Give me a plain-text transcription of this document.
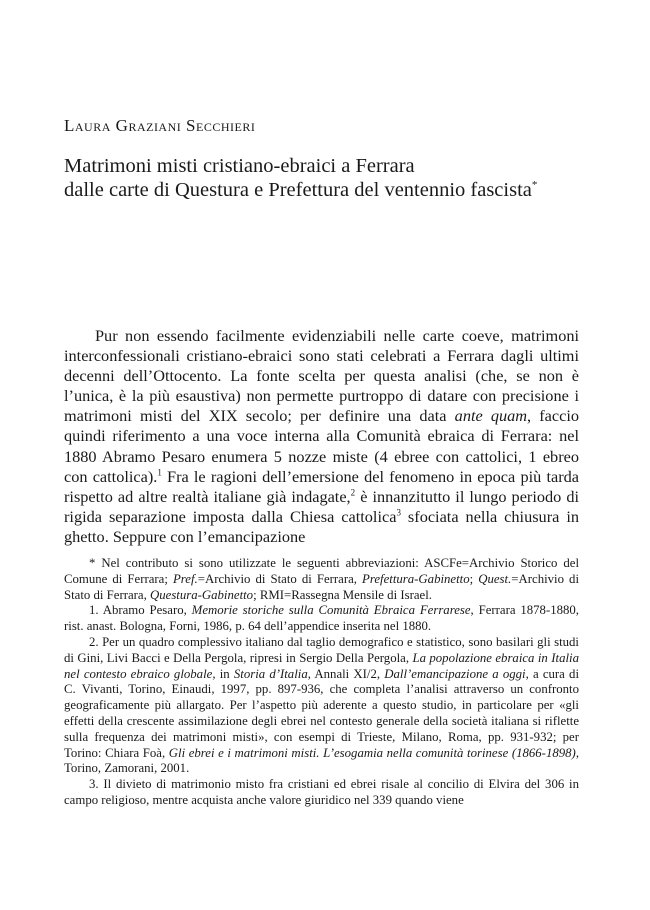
Laura Graziani Secchieri

Matrimoni misti cristiano-ebraici a Ferrara
dalle carte di Questura e Prefettura del ventennio fascista*

Pur non essendo facilmente evidenziabili nelle carte coeve, matrimoni interconfessionali cristiano-ebraici sono stati celebrati a Ferrara dagli ultimi decenni dell’Ottocento. La fonte scelta per questa analisi (che, se non è l’unica, è la più esaustiva) non permette purtroppo di datare con precisione i matrimoni misti del XIX secolo; per definire una data ante quam, faccio quindi riferimento a una voce interna alla Comunità ebraica di Ferrara: nel 1880 Abramo Pesaro enumera 5 nozze miste (4 ebree con cattolici, 1 ebreo con cattolica).$^1$ Fra le ragioni dell’emersione del fenomeno in epoca più tarda rispetto ad altre realtà italiane già indagate,$^2$ è innanzitutto il lungo periodo di rigida separazione imposta dalla Chiesa cattolica$^3$ sfociata nella chiusura in ghetto. Seppure con l’emancipazione

* Nel contributo si sono utilizzate le seguenti abbreviazioni: ASCFe=Archivio Storico del Comune di Ferrara; Pref.=Archivio di Stato di Ferrara, Prefettura-Gabinetto; Quest.=Archivio di Stato di Ferrara, Questura-Gabinetto; RMI=Rassegna Mensile di Israel.

1. Abramo Pesaro, Memorie storiche sulla Comunità Ebraica Ferrarese, Ferrara 1878-1880, rist. anast. Bologna, Forni, 1986, p. 64 dell’appendice inserita nel 1880.

2. Per un quadro complessivo italiano dal taglio demografico e statistico, sono basilari gli studi di Gini, Livi Bacci e Della Pergola, ripresi in Sergio Della Pergola, La popolazione ebraica in Italia nel contesto ebraico globale, in Storia d’Italia, Annali XI/2, Dall’emancipazione a oggi, a cura di C. Vivanti, Torino, Einaudi, 1997, pp. 897-936, che completa l’analisi attraverso un confronto geograficamente più allargato. Per l’aspetto più aderente a questo studio, in particolare per «gli effetti della crescente assimilazione degli ebrei nel contesto generale della società italiana si riflette sulla frequenza dei matrimoni misti», con esempi di Trieste, Milano, Roma, pp. 931-932; per Torino: Chiara Foà, Gli ebrei e i matrimoni misti. L’esogamia nella comunità torinese (1866-1898), Torino, Zamorani, 2001.

3. Il divieto di matrimonio misto fra cristiani ed ebrei risale al concilio di Elvira del 306 in campo religioso, mentre acquista anche valore giuridico nel 339 quando viene
